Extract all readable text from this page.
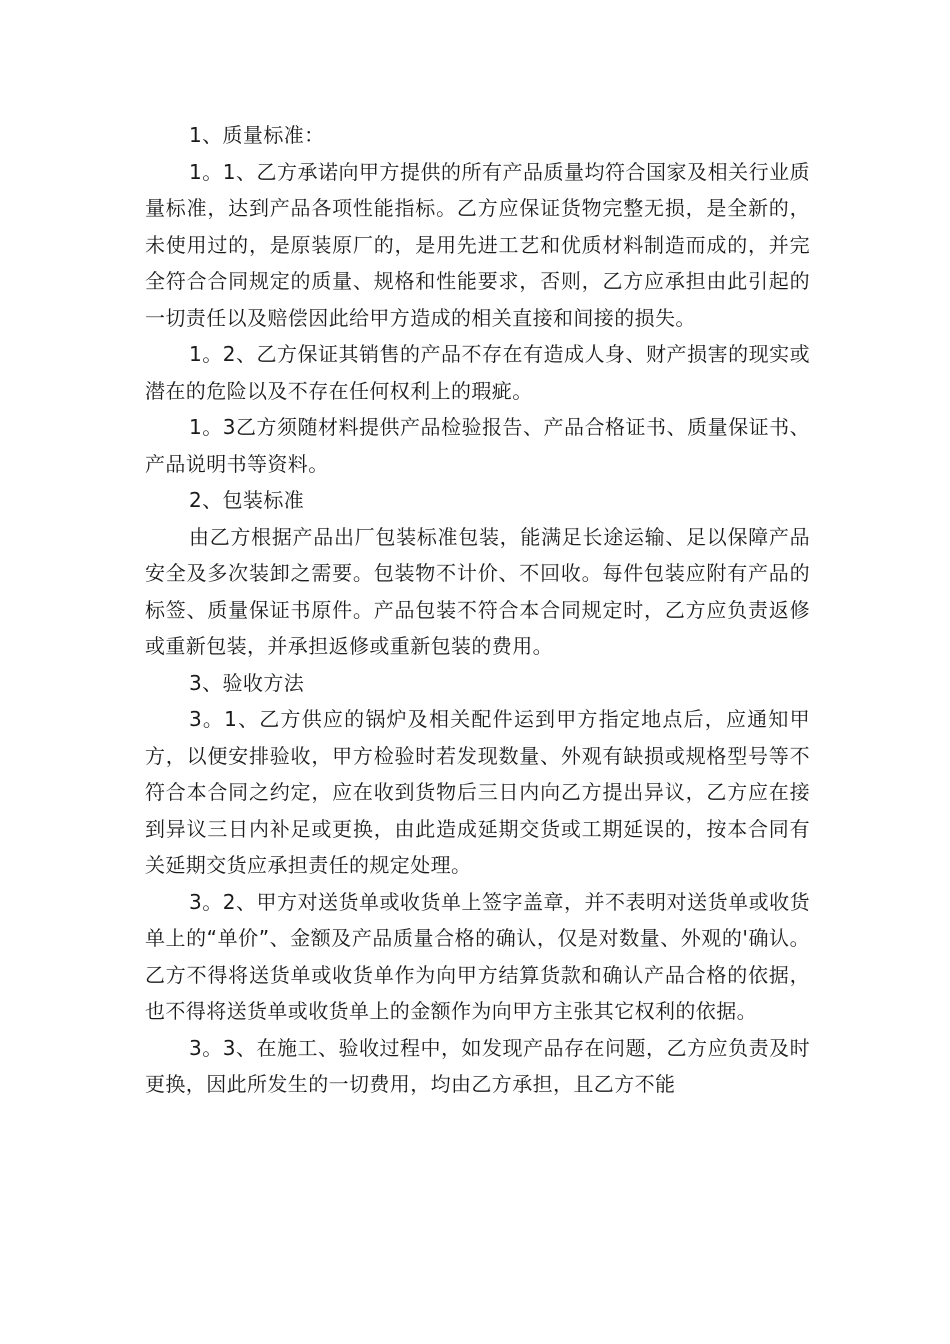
1、质量标准：

1。1、乙方承诺向甲方提供的所有产品质量均符合国家及相关行业质量标准，达到产品各项性能指标。乙方应保证货物完整无损，是全新的，未使用过的，是原装原厂的，是用先进工艺和优质材料制造而成的，并完全符合合同规定的质量、规格和性能要求，否则，乙方应承担由此引起的一切责任以及赔偿因此给甲方造成的相关直接和间接的损失。

1。2、乙方保证其销售的产品不存在有造成人身、财产损害的现实或潜在的危险以及不存在任何权利上的瑕疵。

1。3乙方须随材料提供产品检验报告、产品合格证书、质量保证书、产品说明书等资料。

2、包装标准

由乙方根据产品出厂包装标准包装，能满足长途运输、足以保障产品安全及多次装卸之需要。包装物不计价、不回收。每件包装应附有产品的标签、质量保证书原件。产品包装不符合本合同规定时，乙方应负责返修或重新包装，并承担返修或重新包装的费用。

3、验收方法

3。1、乙方供应的锅炉及相关配件运到甲方指定地点后，应通知甲方，以便安排验收，甲方检验时若发现数量、外观有缺损或规格型号等不符合本合同之约定，应在收到货物后三日内向乙方提出异议，乙方应在接到异议三日内补足或更换，由此造成延期交货或工期延误的，按本合同有关延期交货应承担责任的规定处理。

3。2、甲方对送货单或收货单上签字盖章，并不表明对送货单或收货单上的“单价”、金额及产品质量合格的确认，仅是对数量、外观的'确认。乙方不得将送货单或收货单作为向甲方结算货款和确认产品合格的依据，也不得将送货单或收货单上的金额作为向甲方主张其它权利的依据。

3。3、在施工、验收过程中，如发现产品存在问题，乙方应负责及时更换，因此所发生的一切费用，均由乙方承担，且乙方不能
